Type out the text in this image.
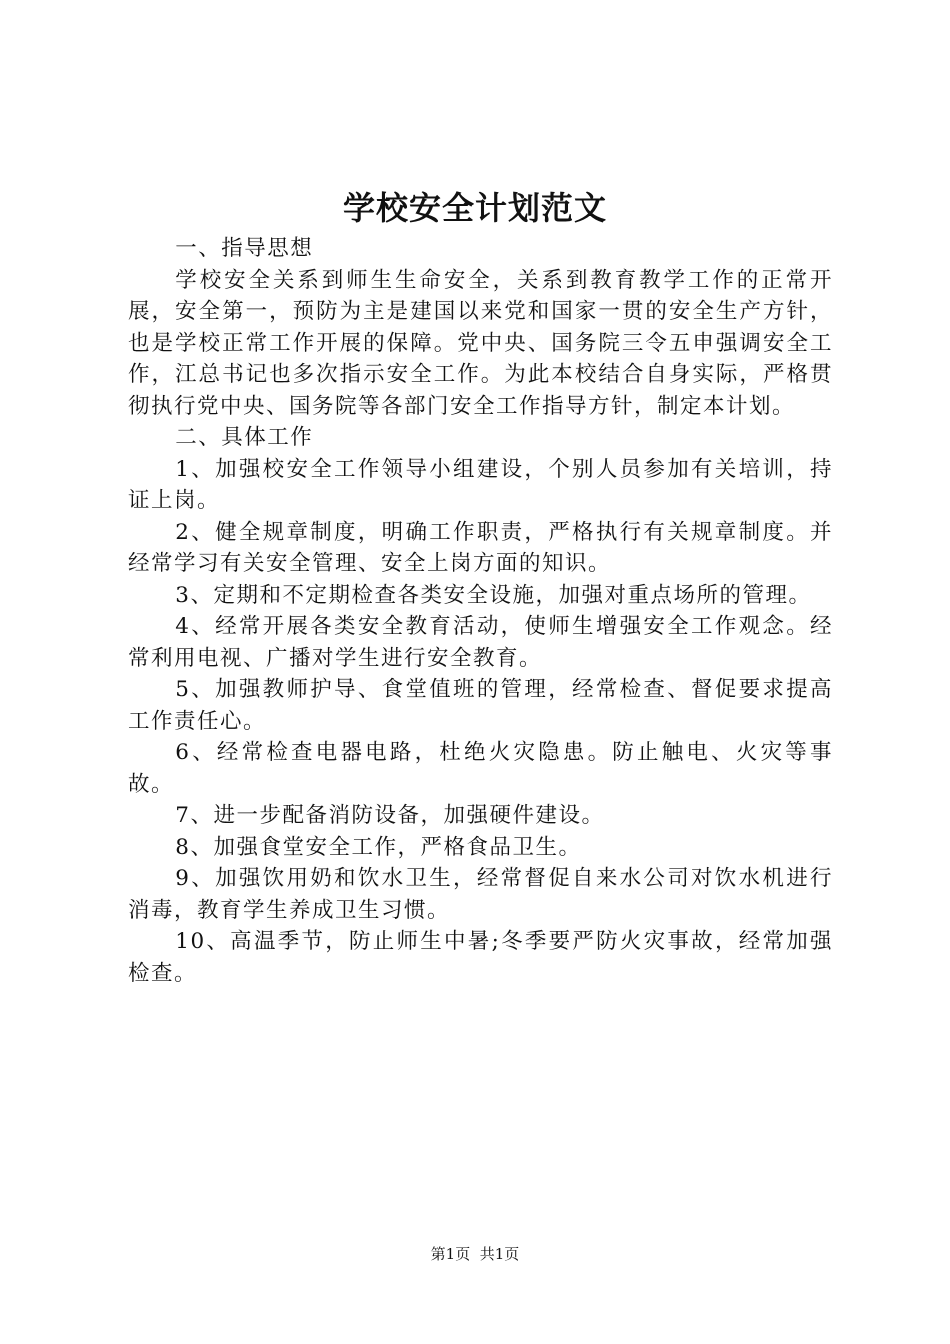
学校安全计划范文

一、指导思想

学校安全关系到师生生命安全，关系到教育教学工作的正常开展，安全第一，预防为主是建国以来党和国家一贯的安全生产方针，也是学校正常工作开展的保障。党中央、国务院三令五申强调安全工作，江总书记也多次指示安全工作。为此本校结合自身实际，严格贯彻执行党中央、国务院等各部门安全工作指导方针，制定本计划。

二、具体工作

1、加强校安全工作领导小组建设，个别人员参加有关培训，持证上岗。

2、健全规章制度，明确工作职责，严格执行有关规章制度。并经常学习有关安全管理、安全上岗方面的知识。

3、定期和不定期检查各类安全设施，加强对重点场所的管理。

4、经常开展各类安全教育活动，使师生增强安全工作观念。经常利用电视、广播对学生进行安全教育。

5、加强教师护导、食堂值班的管理，经常检查、督促要求提高工作责任心。

6、经常检查电器电路，杜绝火灾隐患。防止触电、火灾等事故。

7、进一步配备消防设备，加强硬件建设。

8、加强食堂安全工作，严格食品卫生。

9、加强饮用奶和饮水卫生，经常督促自来水公司对饮水机进行消毒，教育学生养成卫生习惯。

10、高温季节，防止师生中暑;冬季要严防火灾事故，经常加强检查。

第1页 共1页
